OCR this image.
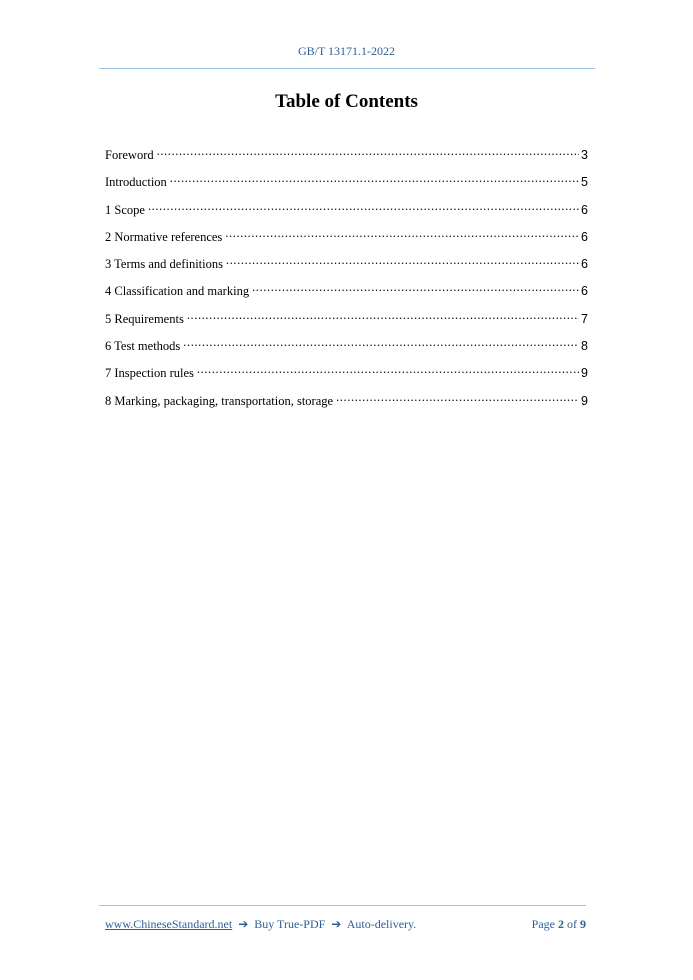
GB/T 13171.1-2022
Table of Contents
Foreword .....	3
Introduction .....	5
1 Scope .....	6
2 Normative references .....	6
3 Terms and definitions .....	6
4 Classification and marking .....	6
5 Requirements .....	7
6 Test methods .....	8
7 Inspection rules .....	9
8 Marking, packaging, transportation, storage .....	9
www.ChineseStandard.net ➔ Buy True-PDF ➔ Auto-delivery.	Page 2 of 9
